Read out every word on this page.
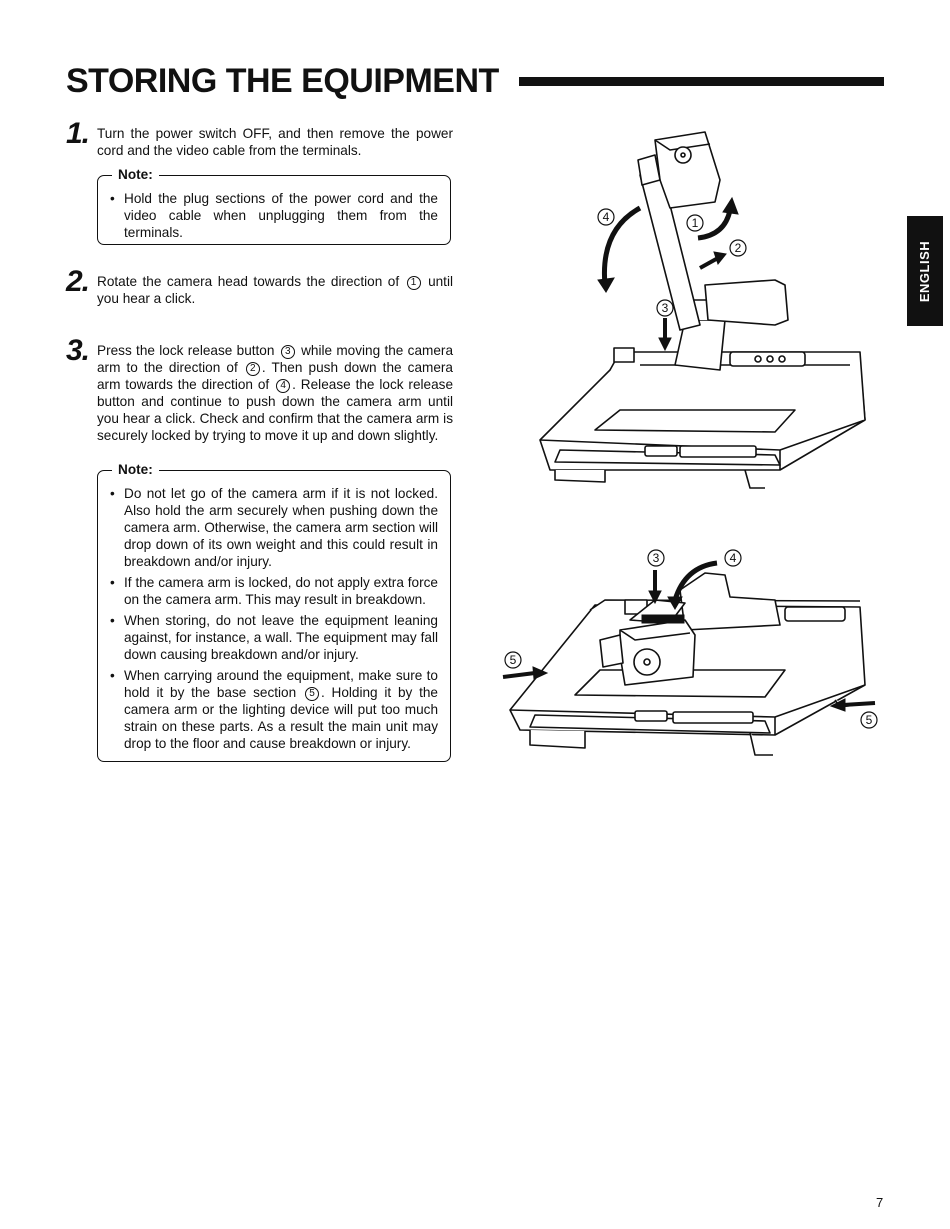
STORING THE EQUIPMENT
ENGLISH
1. Turn the power switch OFF, and then remove the power cord and the video cable from the terminals.
Note:
• Hold the plug sections of the power cord and the video cable when unplugging them from the terminals.
2. Rotate the camera head towards the direction of 1 until you hear a click.
3. Press the lock release button 3 while moving the camera arm to the direction of 2 . Then push down the camera arm towards the direction of 4 . Release the lock release button and continue to push down the camera arm until you hear a click. Check and confirm that the camera arm is securely locked by trying to move it up and down slightly.
Note:
• Do not let go of the camera arm if it is not locked. Also hold the arm securely when pushing down the camera arm. Otherwise, the camera arm section will drop down of its own weight and this could result in breakdown and/or injury.
• If the camera arm is locked, do not apply extra force on the camera arm. This may result in breakdown.
• When storing, do not leave the equipment leaning against, for instance, a wall. The equipment may fall down causing breakdown and/or injury.
• When carrying around the equipment, make sure to hold it by the base section 5 . Holding it by the camera arm or the lighting device will put too much strain on these parts. As a result the main unit may drop to the floor and cause breakdown or injury.
4	1
2
3
3	4
5
5
7
